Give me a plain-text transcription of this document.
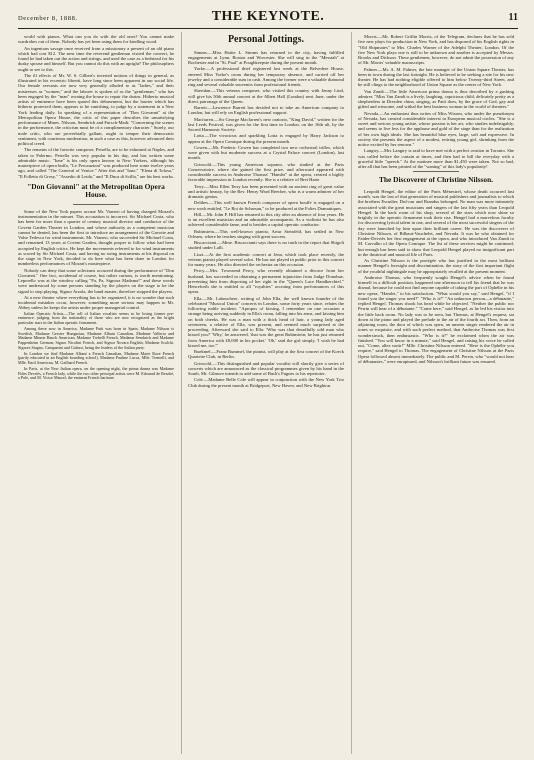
December 8, 1888.	THE KEYNOTE.	11

world with pianos. What can you do with the old ones? You cannot make wardrobes out of them. Nobody has yet been using them for kindling wood.

An ingenious savage once received from a missionary a present of an old piano which had cost $12. The next time the reverend gentleman visited the convert, he found he had taken out the action and strings, and used the case as a bedstead for his dusky spouse and himself. But you cannot do this with an upright? The philosophers ought to see to this.

The ill effects of Mr. W. S. Gilbert's inverted notions of things in general, as illustrated in his eccentric libretti, have long since been apparent in our social life. Our female servants are now very generally alluded to as "ladies," and their mistresses as "women," and the laborer is spoken of as the "gentleman," who has been engaged by the "man" owning the house to repair the drains. Hitherto musical artists of eminence have been spared this debasement, but the barrier which has hitherto protected them, appears to be vanishing, to judge by a statement in a New York leading daily. In speaking of a representation of "Don Giovanni" at the Metropolitan Opera House, the critic of this paper describes the unsatisfying performance of Mmes. Nilsson, Sembrich and Fursch-Madi: "Concerning the scenes in the performance, the criticism must be of a complimentary character." Surely, our male critic, who are proverbially gallant, ought to temper their democratic sentiment, with courteous moderation, in such a case as this, however advanced their political creed.

The remains of the favorite composer, Petrella, are to be exhumed at Naples, and taken to Palermo. Petrella was very popular in his day, and has written some admirable music. "Ione" is his only opera known to New Yorkers, although his masterpiece of opera buffa, "Le Precauzioni" was produced here some twelve years ago, and called "The Carnival of Venice." After this and "Ione," "Elena di Tolosa," "Il Folletto di Gresy," "Assedio di Leida," and "Il Duca di Scilla," are his best works.

"Don Giovanni" at the Metropolitan Opera House.

Some of the New York papers accuse Mr. Vianesi of having changed Mozart's instrumentation in the minuet. This accusation is incorrect. Sir Michael Costa, who has been for more than a quarter of century musical director and conductor of the Covent Garden Theater in London, and whose authority as a competent musician cannot be denied, has been the first to introduce an arrangement of the Gavotte and Valse Tedesca for wind instruments. Mr. Vianesi, who succeeded Sir Michael Costa, and remained 13 years at Covent Garden, thought proper to follow what had been accepted by English critics. He kept the movements referred to for wind instruments as scored by Sir Michael Costa, and having no string instruments at his disposal on the stage in New York, decided to do here what has been done in London for numberless performances of Mozart's masterpiece.

Nobody can deny that some solecisms occurred during the performance of "Don Giovanni." One fact, accidental of course, but rather curious, is worth mentioning. Leporello was at the window calling "Pa, Pa, Signora Madama!" and these words were understood by some persons standing by the players on the stage to be the signal to stop playing. Signor Arzola, the band master, therefore stopped the players.

At a new theater where everything has to be organized, it is no wonder that such incidental mistakes occur, however, something more serious may happen to Mr. Abbey unless he keeps the artists under proper managerial control.

Italian Operatic Artists.—The roll of Italian vocalists seems to be losing former pre-eminence, judging from the nationality of those who are now recognized as the bright particular stars in the Italian operatic firmament.

Among these now in America, Madame Patti was born in Spain, Madame Nilsson is Swedish, Madame Gerster Hungarian, Madame Albani Canadian, Madame Valleria and Madame Minnie Hauck American, Madame Trebelli French, Madame Sembrich and Madame Pappenheim German; Signor Nicolini French, and Signor Novara English; Madame Scalchi, Signors Stagno, Campanini and Galassi, being the leaders of the Italian party.

In London we find Madame Albani a French Canadian, Madame Marie Roze French (partly educated in an English boarding school), Madame Pauline Lucca, Mlle. Tremelli, and Mlle. Emil American, M. Gailhard French.

In Paris, at the New Italian opera, on the opening night, the prima donna was Madame Fides Devriès, a French lady, while the two other principal artists were M. Edouard de Reszké, a Pole, and M. Victor Maurel, the eminent French baritone.

Personal Jottings.

Simms.—Miss Hattie L. Simms has returned to the city, having fulfilled engagements at Lynn, Boston and Worcester. She will sing in the "Messiah" at Rochester and in "St. Paul" at Poughkeepsie during the present month.

Yorke.—A professional thief registered last week at the Belvedere House, entered Miss Yorke's room during her temporary absence, and carried off her jewelry and a considerable sum in cash. Among the former were a valuable diamond ring and several valuable souvenirs from professional friends.

Sheridan.—This veteran composer, who visited this country with Jenny Lind, will give his 50th annual concert at the Albert Hall (London) next June, under the direct patronage of the Queen.

Barrett.—Lawrence Barrett has decided not to take an American company to London, but will rely on English professional support.

Macfarren.—Sir George Macfarren's new oratorio, "King David," written for the last Leeds Festival, was given for the first time in London, on the 16th ult, by the Sacred Harmonic Society.

Lotta.—The vivacious and sparkling Lotta is engaged by Harry Jackson to appear at the Opera Comique during the present month.

Cowen.—Mr. Frederic Cowen has completed two new orchestral trifles, which were given with but moderate success at a Crystal Palace concert (London), last month.

Griswold.—This young American soprano, who studied at the Paris Conservatoire, where she gained the first prize, and afterward appeared with considerable success in Ambroise Thomas' "Hamlet" at the opera, created a highly favorable impression in London recently. She is a relative of Bret Harte.

Terry.—Miss Ellen Terry has been presented with an ancient ring of great value and artistic beauty, by the Rev. Henry Ward Beecher, who is a warm admirer of her dramatic genius.

Delibes.—This well known French composer of opera bouffe is engaged on a new work entitled, "Le Roi de Scharsau," to be produced at the Folies Dramatiques.

Hill.—Mr. John P. Hill has returned to this city after an absence of four years. He is an excellent musician and an admirable accompanist. As a violinist he has also achieved considerable fame, and is besides a capital operatic conductor.

Rubinstein.—This well-known pianist, Artur Steinfeld, has settled in New Orleans, where he teaches singing with great success.

Biscaccianti.—Mme. Biscaccianti says there is no truth in the report that Sbigoli studied under Lalli.

Liszt.—At the first academic concert at Jena, which took place recently, the veteran pianist played several solos. He has not played in public prior to this concert for many years. He also directed the orchestra on this occasion.

Percy.—Mrs. Townsend Percy, who recently obtained a divorce from her husband, has succeeded in obtaining a permanent injunction from Judge Donohue, preventing him from disposing of her right in the "Queen's Lace Handkerchief." Henceforth she is entitled to all "royalties" accruing from performances of this opera.

Ella.—Mr. Labouchere, writing of John Ella, the well known founder of the celebrated "Musical Union" concerts in London, some forty years since, relates the following noble incident: "Apropos of kissing, I remember on one occasion a strange being arriving suddenly in Ella's room, falling into his arms, and kissing him on both cheeks. He was a man with a thick head of hair, a young lady aged seventeen, a relative of Ella, was present, and seemed much surprised at the proceeding. Afterward she said to Ella: 'Who was that dreadfully odd man who kissed you?' 'Why,' he answered, 'that was the great Rubinstein; he has just returned from America with £8,000 in his pocket.' 'Oh,' said the girl simply, 'I wish he had kissed me, too.'"

Ruekmel.—Franz Rummel, the pianist, will play at the first concert of the Koeck Quartette Club, in Berlin.

Griswold.—This distinguished and popular vocalist will shortly give a series of concerts which are announced as the classical programmes given by his band in the South, Mr. Gilmore intends to add some of Bach's Fugues to his repertoire.

Cole.—Madame Belle Cole will appear in conjunction with the New York Trio Club during the present month at Bridgeport, New Haven, and New Brighton.

Morris.—Mr. Robert Griffin Morris, of the Telegram, declares that he has sold five new plays for production in New York, and has disposed of his English rights in "Old Shipmates" to Mrs. Charles Warner of the Adelphi Theater, London. Of the five New York plays one is still to be unknown and another is accepted by Messrs. Brooks and Dickson. These gentlemen, however, do not admit the possession of any of Mr. Morris' valuable manuscripts.

Palmer.—Mr. A. M. Palmer, the late manager of the Union Square Theater, has been in town during the last fortnight. He is believed to be seeking a site for his new theater. He has had nothing eligible offered to him below Twenty-third Street, and he still clings to the neighborhood of Union Square as the center of New York.

Van Zandt.—The little American prima donna is thus described by a gushing admirer. "Miss Van Zandt is a lively, laughing, capricious child, delicately pretty as a shepherdess in Dresden china, singing, as Patti does, by the grace of God, gay and gifted and winsome, and withal the best business woman in the world of theaters."

Nevada.—An enthusiast thus writes of Miss Wixom, who under the pseudonym of Nevada, has created considerable interest in European musical circles. "She is a sweet and serious young artiste, whose passion is her art, who studies indefatigably, and seems to live less for the applause and gold of the stage than for the realization of her own high ideals. She has beautiful blue eyes, large, soft and expressive. In society she presents the aspect of a modest, retiring young girl, shrinking from the notice excited by her renown."

Langtry.—Mrs Langtry is said to have met with a perfect ovation in Toronto. She was called before the curtain at times, and then had to bill the everyday with a graceful little "speech." At the matinee more than $1,450 were taken. Not so bad, after all that has been printed of the "waning" of this lady's popularity!

The Discoverer of Christine Nilsson.

Leopold Hengel, the editor of the Paris Ménestrel, whose death occurred last month, was the last of that generation of musical publishers and journalists to which the brothers Escudier, Duf-our and Brandus belonged. No man was more intimately associated with the great musicians and singers of the last fifty years than Leopold Hengel. In the back room of his shop, several of the stars which now shine so brightly in the operatic firmament took their rise. Hengel had a marvelous faculty for discovering lyrical talent in one, and several of the most successful singers of the day were launched by him upon their brilliant career. He was the discoverer of Christine Nilsson, of Bilbaut-Vauchelet, and Nevada. It was he who obtained for Faider-Devriès her first engagement at the opera, and who introduced Van Zandt to M. Carvalho of the Opera Comique. The list of these services might be continued, but enough has been said to show that Leopold Hengel played no insignificant part in the theatrical and musical life of Paris.

As Christine Nilsson is the protégée who has justified in the most brilliant manner Hengel's foresight and discrimination, the story of the first important flight of the youthful nightingale may be appropriately recalled at the present moment.

Ambroise Thomas, who frequently sought Hengel's advice when he found himself in a difficult position, happened one afternoon to tell his friend that he was dismal, because he could not find anyone capable of taking the part of Ophélie in his new opera, "Hamlet," to his satisfaction. "What would you say," said Hengel, "if I found you the singer you need?" "Who is it?" "An unknown person—a débutante," replied Hengel. Thomas shook his head while he objected. "Neither the public nor Perrin will hear of a débutante." "Come here," said Hengel, as he led his visitor into the little back room. No lady was to be seen, but Thomas, at Hengel's request, sat down at the piano and played the prelude to the air of the fourth act. Then, from an adjoining room, the door of which was open, an unseen singer rendered the air in tones so exquisite, and with such perfect method, that Ambroise Thomas was first wonderstruck, then enthusiastic. "Who is it?" he exclaimed when the air was finished. "You will know in a minute," said Hengel, and raising his voice he called out, "Come, allez sortir!" Mlle. Christine Nilsson entered. "Here is the Ophélie you require," said Hengel to Thomas. The engagement of Christine Nilsson at the Paris Opera followed almost immediately. The public and M. Perrin, who "would not hear of débutantes," were enraptured, and Nilsson's brilliant future was ensured.
